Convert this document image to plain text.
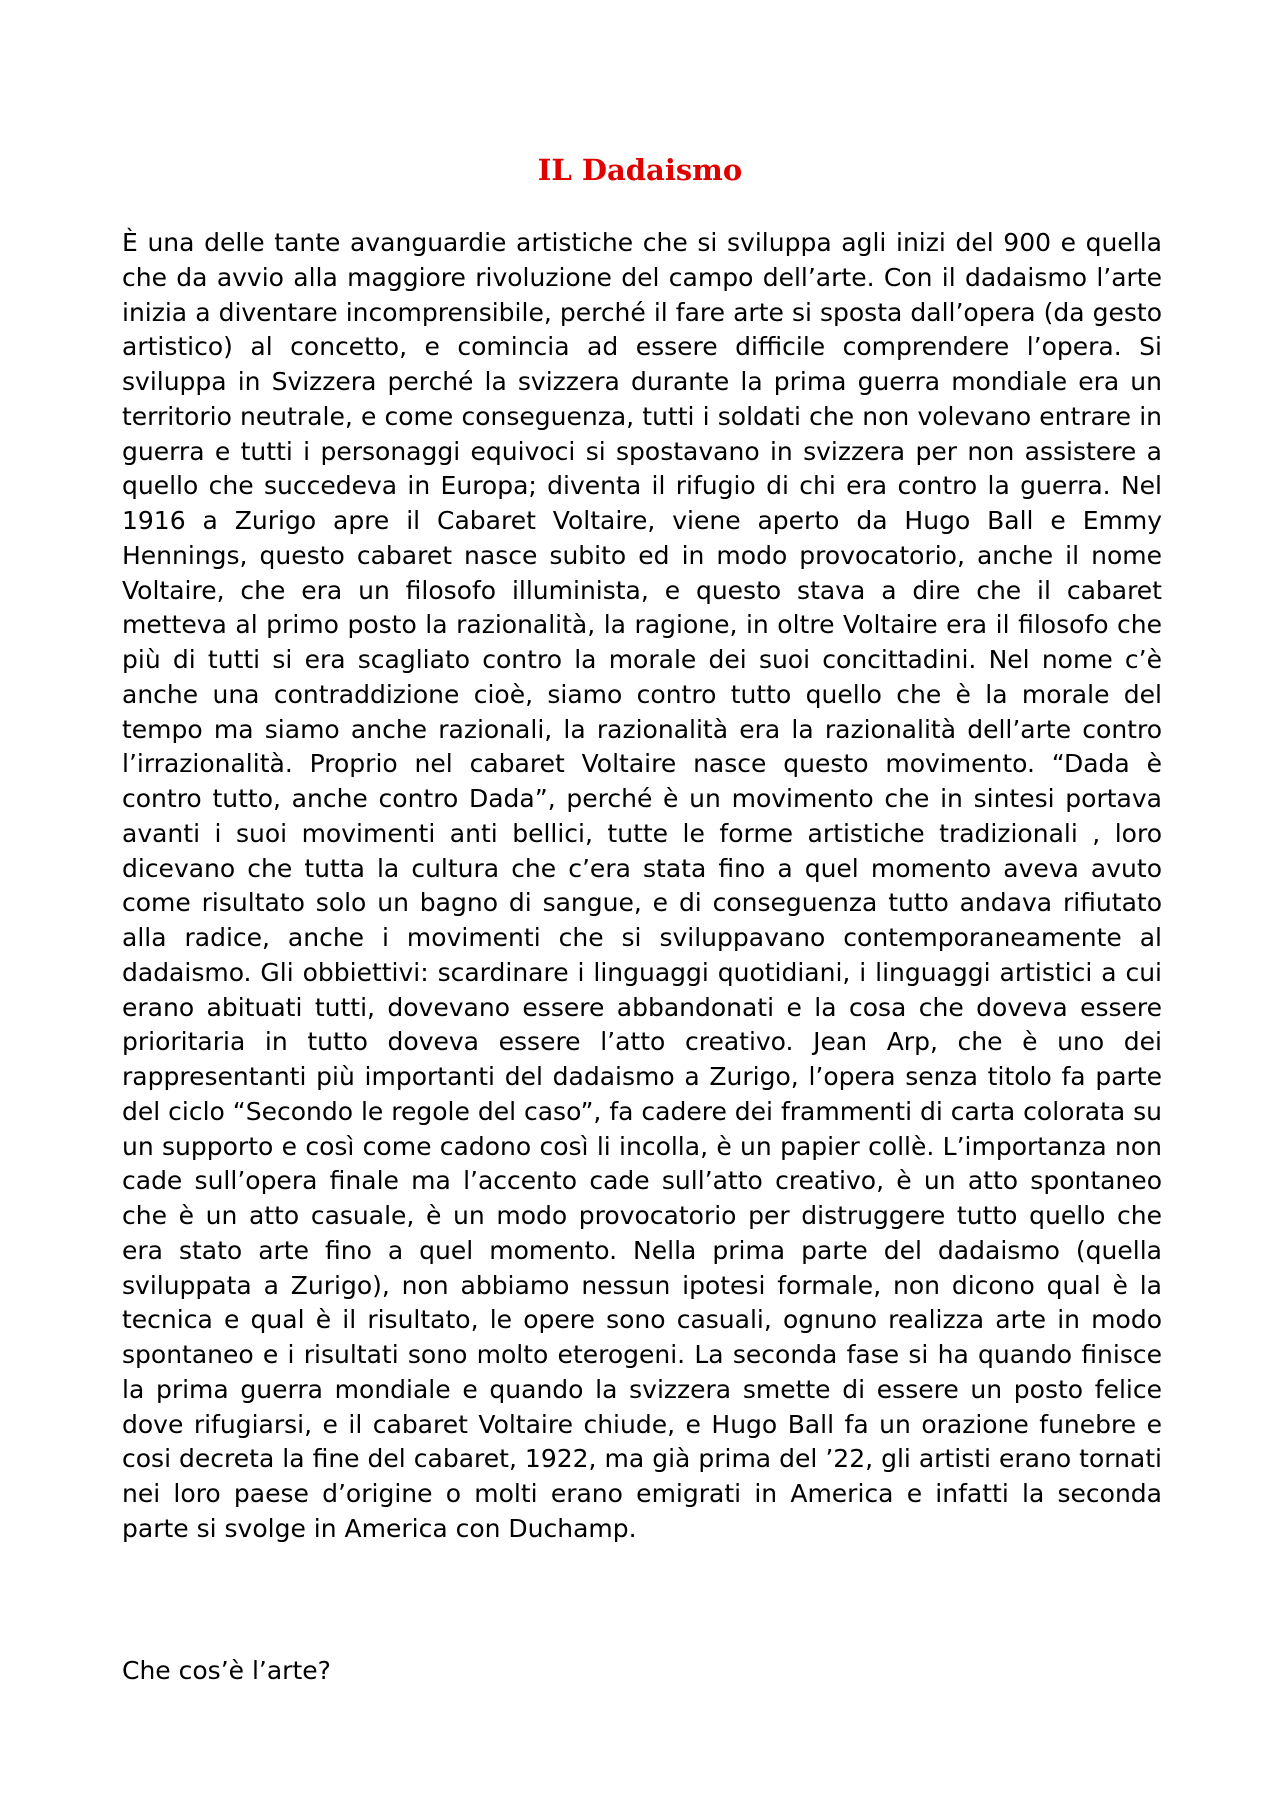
IL Dadaismo

È una delle tante avanguardie artistiche che si sviluppa agli inizi del 900 e quella che da avvio alla maggiore rivoluzione del campo dell’arte. Con il dadaismo l’arte inizia a diventare incomprensibile, perché il fare arte si sposta dall’opera (da gesto artistico) al concetto, e comincia ad essere difficile comprendere l’opera. Si sviluppa in Svizzera perché la svizzera durante la prima guerra mondiale era un territorio neutrale, e come conseguenza, tutti i soldati che non volevano entrare in guerra e tutti i personaggi equivoci si spostavano in svizzera per non assistere a quello che succedeva in Europa; diventa il rifugio di chi era contro la guerra. Nel 1916 a Zurigo apre il Cabaret Voltaire, viene aperto da Hugo Ball e Emmy Hennings, questo cabaret nasce subito ed in modo provocatorio, anche il nome Voltaire, che era un filosofo illuminista, e questo stava a dire che il cabaret metteva al primo posto la razionalità, la ragione, in oltre Voltaire era il filosofo che più di tutti si era scagliato contro la morale dei suoi concittadini. Nel nome c’è anche una contraddizione cioè, siamo contro tutto quello che è la morale del tempo ma siamo anche razionali, la razionalità era la razionalità dell’arte contro l’irrazionalità. Proprio nel cabaret Voltaire nasce questo movimento. “Dada è contro tutto, anche contro Dada”, perché è un movimento che in sintesi portava avanti i suoi movimenti anti bellici, tutte le forme artistiche tradizionali , loro dicevano che tutta la cultura che c’era stata fino a quel momento aveva avuto come risultato solo un bagno di sangue, e di conseguenza tutto andava rifiutato alla radice, anche i movimenti che si sviluppavano contemporaneamente al dadaismo. Gli obbiettivi: scardinare i linguaggi quotidiani, i linguaggi artistici a cui erano abituati tutti, dovevano essere abbandonati e la cosa che doveva essere prioritaria in tutto doveva essere l’atto creativo. Jean Arp, che è uno dei rappresentanti più importanti del dadaismo a Zurigo, l’opera senza titolo fa parte del ciclo “Secondo le regole del caso”, fa cadere dei frammenti di carta colorata su un supporto e così come cadono così li incolla, è un papier collè. L’importanza non cade sull’opera finale ma l’accento cade sull’atto creativo, è un atto spontaneo che è un atto casuale, è un modo provocatorio per distruggere tutto quello che era stato arte fino a quel momento. Nella prima parte del dadaismo (quella sviluppata a Zurigo), non abbiamo nessun ipotesi formale, non dicono qual è la tecnica e qual è il risultato, le opere sono casuali, ognuno realizza arte in modo spontaneo e i risultati sono molto eterogeni. La seconda fase si ha quando finisce la prima guerra mondiale e quando la svizzera smette di essere un posto felice dove rifugiarsi, e il cabaret Voltaire chiude, e Hugo Ball fa un orazione funebre e cosi decreta la fine del cabaret, 1922, ma già prima del ’22, gli artisti erano tornati nei loro paese d’origine o molti erano emigrati in America e infatti la seconda parte si svolge in America con Duchamp.

Che cos’è l’arte?
